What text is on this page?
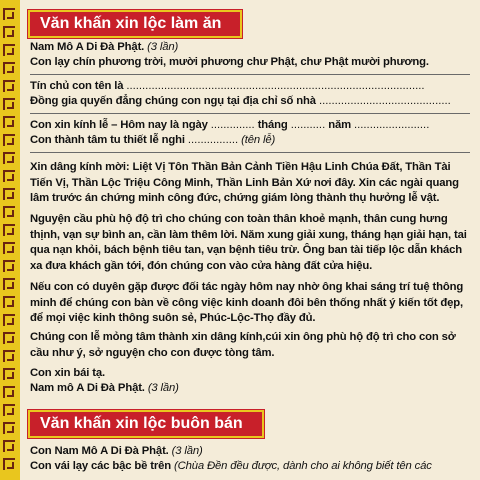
Văn khấn xin lộc làm ăn
Nam Mô A Di Đà Phật. (3 lần)
Con lạy chín phương trời, mười phương chư Phật, chư Phật mười phương.
Tín chủ con tên là ...............................................................................................
Đồng gia quyến đẳng chúng con ngụ tại địa chỉ số nhà ..........................................
Con xin kính lễ – Hôm nay là ngày .............. tháng ........... năm ........................
Con thành tâm tu thiết lễ nghi ................ (tên lễ)
Xin dâng kính mời: Liệt Vị Tôn Thần Bản Cảnh Tiền Hậu Linh Chúa Đất, Thần Tài Tiến Vị, Thần Lộc Triệu Công Minh, Thần Linh Bản Xứ nơi đây. Xin các ngài quang lâm trước án chứng minh công đức, chứng giám lòng thành thụ hưởng lễ vật.
Nguyện cầu phù hộ độ trì cho chúng con toàn thân khoẻ mạnh, thân cung hưng thịnh, vạn sự bình an, cần làm thêm lời. Năm xung giải xung, tháng hạn giải hạn, tai qua nạn khỏi, bách bệnh tiêu tan, vạn bệnh tiêu trừ. Ông ban tài tiếp lộc dẫn khách xa đưa khách gần tới, đón chúng con vào cửa hàng đất cửa hiệu.
Nếu con có duyên gặp được đối tác ngày hôm nay nhờ ông khai sáng trí tuệ thông minh để chúng con bàn về công việc kinh doanh đôi bên thống nhất ý kiến tốt đẹp, để mọi việc kinh thông suôn sẻ, Phúc-Lộc-Thọ đầy đủ.
Chúng con lễ mỏng tâm thành xin dâng kính,cúi xin ông phù hộ độ trì cho con sở cầu như ý, sở nguyện cho con được tòng tâm.
Con xin bái tạ.
Nam mô A Di Đà Phật. (3 lần)
Văn khấn xin lộc buôn bán
Con Nam Mô A Di Đà Phật. (3 lần)
Con vái lạy các bậc bề trên (Chùa Đền đều được, dành cho ai không biết tên các
